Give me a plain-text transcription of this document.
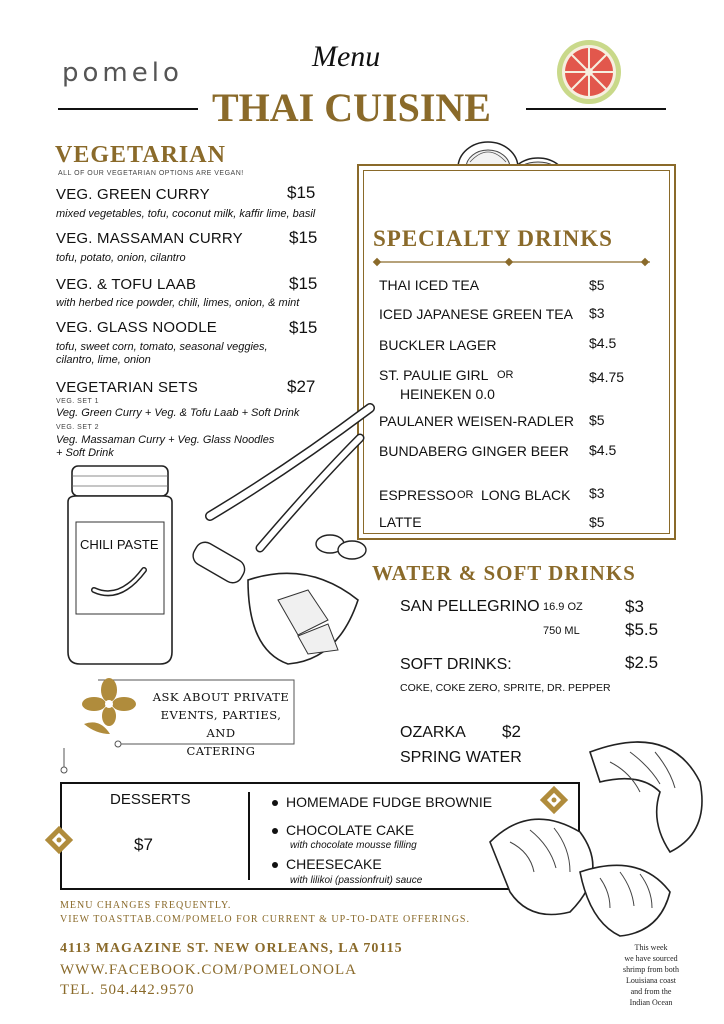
pomelo	Menu
THAI CUISINE
VEGETARIAN
ALL OF OUR VEGETARIAN OPTIONS ARE VEGAN!
VEG. GREEN CURRY	$15
mixed vegetables, tofu, coconut milk, kaffir lime, basil
VEG. MASSAMAN CURRY	$15
tofu, potato, onion, cilantro
VEG. & TOFU LAAB	$15
with herbed rice powder, chili, limes, onion, & mint
VEG. GLASS NOODLE	$15
tofu, sweet corn, tomato, seasonal veggies,
cilantro, lime, onion
VEGETARIAN SETS	$27
VEG. SET 1
Veg. Green Curry + Veg. & Tofu Laab + Soft Drink
VEG. SET 2
Veg. Massaman Curry + Veg. Glass Noodles
+ Soft Drink
SPECIALTY DRINKS
THAI ICED TEA	$5
ICED JAPANESE GREEN TEA $3
BUCKLER LAGER	$4.5
ST. PAULIE GIRL OR
HEINEKEN 0.0
$4.75
PAULANER WEISEN-RADLER $5
BUNDABERG GINGER BEER $4.5
ESPRESSO OR LONG BLACK $3
LATTE	$5
CHILI PASTE
WATER & SOFT DRINKS
SAN PELLEGRINO 16.9 OZ $3
750 ML	$5.5
SOFT DRINKS:	$2.5
COKE, COKE ZERO, SPRITE, DR. PEPPER
OZARKA $2
SPRING WATER
ASK ABOUT PRIVATE
EVENTS, PARTIES, AND
CATERING
DESSERTS
$7
HOMEMADE FUDGE BROWNIE
CHOCOLATE CAKE
with chocolate mousse filling
CHEESECAKE
with lilikoi (passionfruit) sauce
MENU CHANGES FREQUENTLY.
VIEW TOASTTAB.COM/POMELO FOR CURRENT & UP-TO-DATE OFFERINGS.
4113 MAGAZINE ST. NEW ORLEANS, LA 70115
WWW.FACEBOOK.COM/POMELONOLA
TEL. 504.442.9570
This week
we have sourced
shrimp from both
Louisiana coast
and from the
Indian Ocean
